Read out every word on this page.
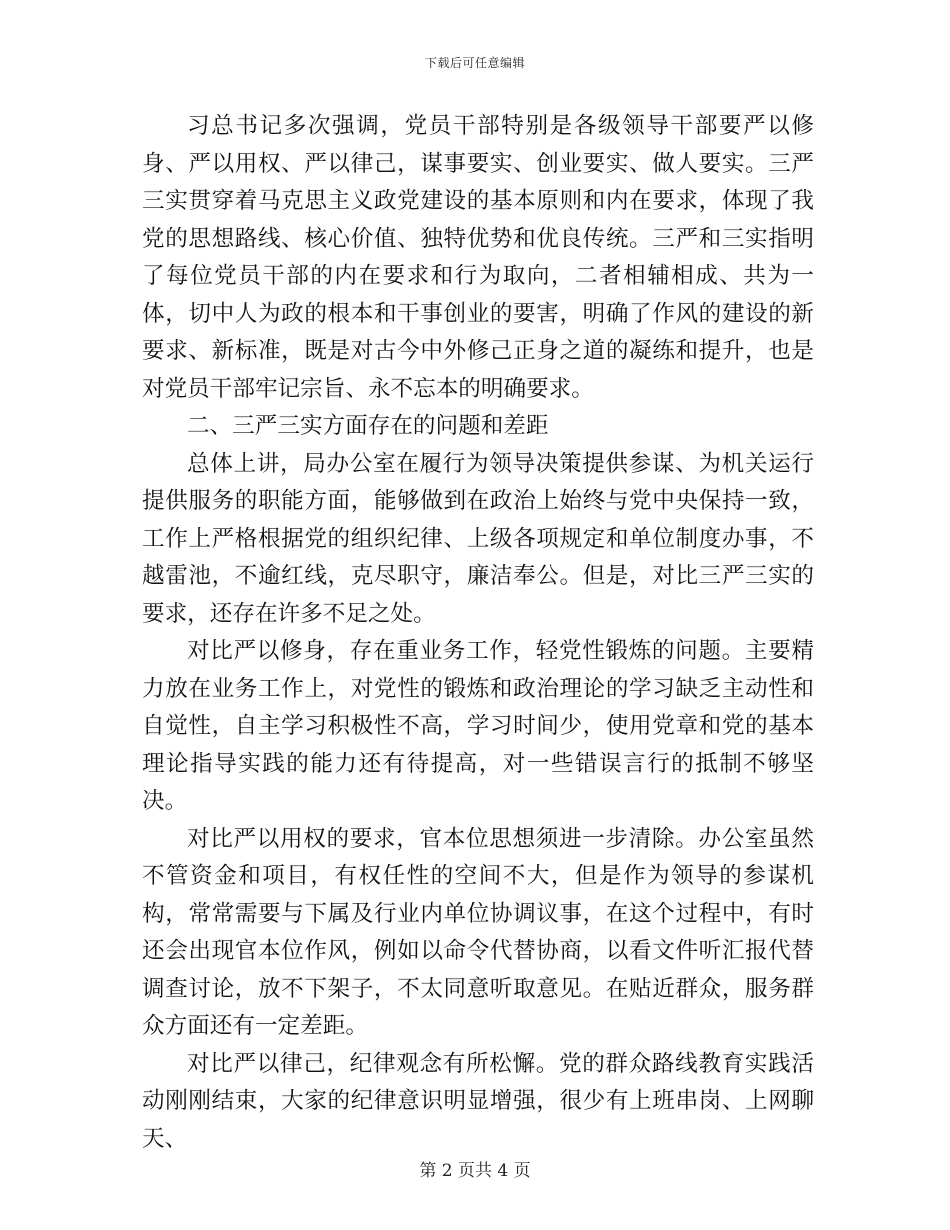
下载后可任意编辑

习总书记多次强调，党员干部特别是各级领导干部要严以修身、严以用权、严以律己，谋事要实、创业要实、做人要实。三严三实贯穿着马克思主义政党建设的基本原则和内在要求，体现了我党的思想路线、核心价值、独特优势和优良传统。三严和三实指明了每位党员干部的内在要求和行为取向，二者相辅相成、共为一体，切中人为政的根本和干事创业的要害，明确了作风的建设的新要求、新标准，既是对古今中外修己正身之道的凝练和提升，也是对党员干部牢记宗旨、永不忘本的明确要求。

二、三严三实方面存在的问题和差距

总体上讲，局办公室在履行为领导决策提供参谋、为机关运行提供服务的职能方面，能够做到在政治上始终与党中央保持一致，工作上严格根据党的组织纪律、上级各项规定和单位制度办事，不越雷池，不逾红线，克尽职守，廉洁奉公。但是，对比三严三实的要求，还存在许多不足之处。

对比严以修身，存在重业务工作，轻党性锻炼的问题。主要精力放在业务工作上，对党性的锻炼和政治理论的学习缺乏主动性和自觉性，自主学习积极性不高，学习时间少，使用党章和党的基本理论指导实践的能力还有待提高，对一些错误言行的抵制不够坚决。

对比严以用权的要求，官本位思想须进一步清除。办公室虽然不管资金和项目，有权任性的空间不大，但是作为领导的参谋机构，常常需要与下属及行业内单位协调议事，在这个过程中，有时还会出现官本位作风，例如以命令代替协商，以看文件听汇报代替调查讨论，放不下架子，不太同意听取意见。在贴近群众，服务群众方面还有一定差距。

对比严以律己，纪律观念有所松懈。党的群众路线教育实践活动刚刚结束，大家的纪律意识明显增强，很少有上班串岗、上网聊天、

第 2 页共 4 页
